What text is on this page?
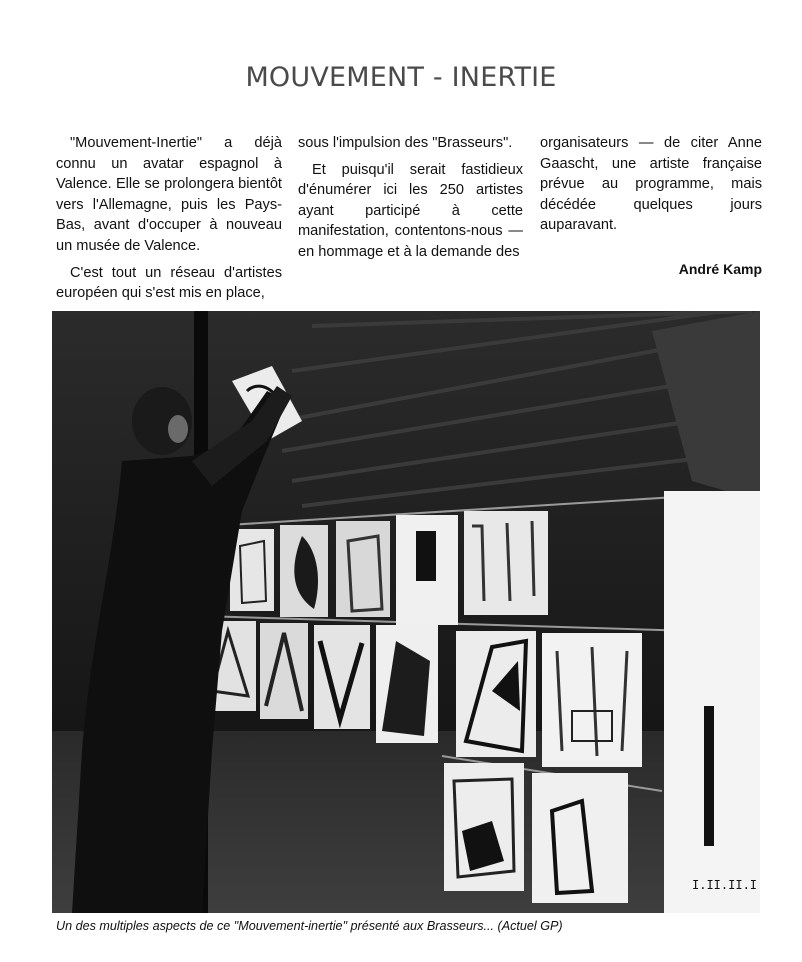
MOUVEMENT - INERTIE

"Mouvement-Inertie" a déjà connu un avatar espagnol à Valence. Elle se prolongera bientôt vers l'Allemagne, puis les Pays-Bas, avant d'occuper à nouveau un musée de Valence.

C'est tout un réseau d'artistes européen qui s'est mis en place,

sous l'impulsion des "Brasseurs".

Et puisqu'il serait fastidieux d'énumérer ici les 250 artistes ayant participé à cette manifestation, contentons-nous — en hommage et à la demande des

organisateurs — de citer Anne Gaascht, une artiste française prévue au programme, mais décédée quelques jours auparavant.

André Kamp
I.II.II.I
Un des multiples aspects de ce "Mouvement-inertie" présenté aux Brasseurs... (Actuel GP)
